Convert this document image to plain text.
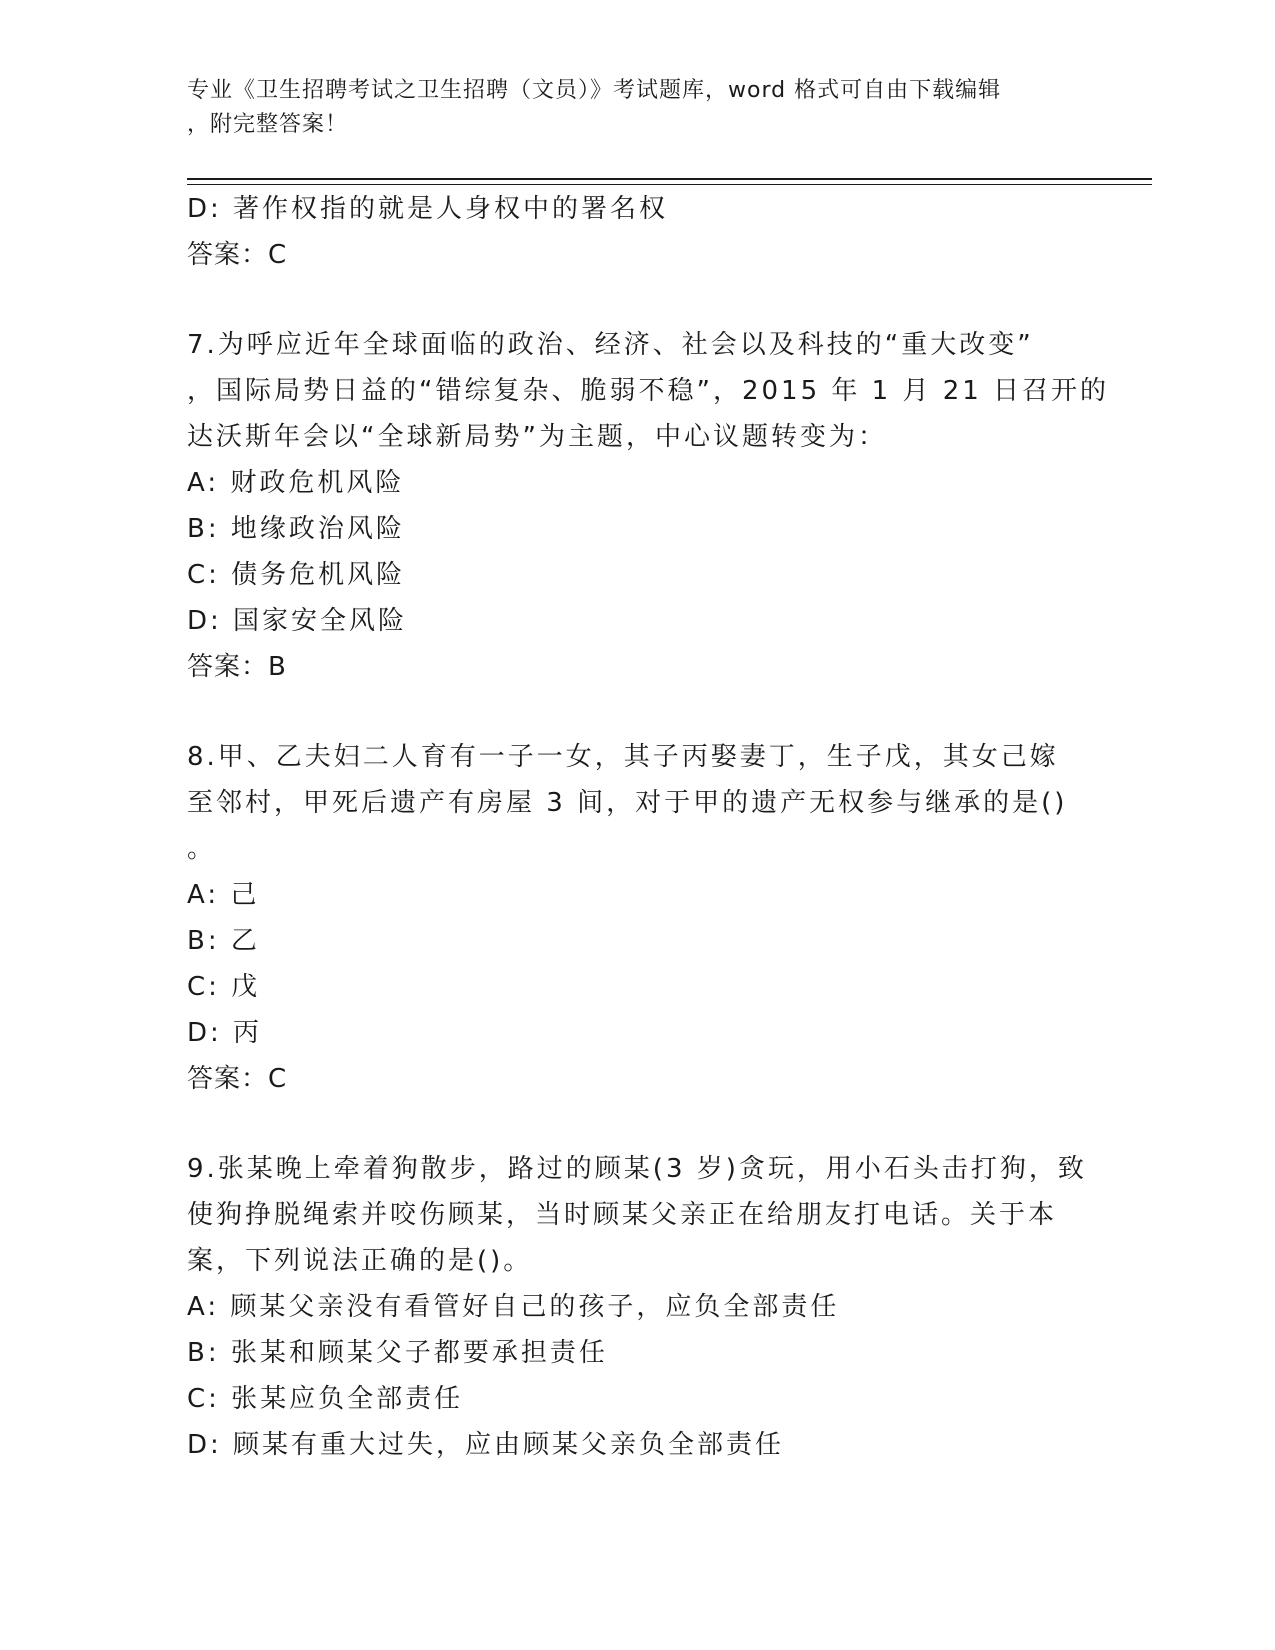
专业《卫生招聘考试之卫生招聘（文员）》考试题库，word 格式可自由下载编辑
，附完整答案！
D: 著作权指的就是人身权中的署名权
答案：C
7.为呼应近年全球面临的政治、经济、社会以及科技的“重大改变”
，国际局势日益的“错综复杂、脆弱不稳”，2015 年 1 月 21 日召开的
达沃斯年会以“全球新局势”为主题，中心议题转变为：
A: 财政危机风险
B: 地缘政治风险
C: 债务危机风险
D: 国家安全风险
答案：B
8.甲、乙夫妇二人育有一子一女，其子丙娶妻丁，生子戊，其女己嫁
至邻村，甲死后遗产有房屋 3 间，对于甲的遗产无权参与继承的是()
。
A: 己
B: 乙
C: 戊
D: 丙
答案：C
9.张某晚上牵着狗散步，路过的顾某(3 岁)贪玩，用小石头击打狗，致
使狗挣脱绳索并咬伤顾某，当时顾某父亲正在给朋友打电话。关于本
案，下列说法正确的是()。
A: 顾某父亲没有看管好自己的孩子，应负全部责任
B: 张某和顾某父子都要承担责任
C: 张某应负全部责任
D: 顾某有重大过失，应由顾某父亲负全部责任
